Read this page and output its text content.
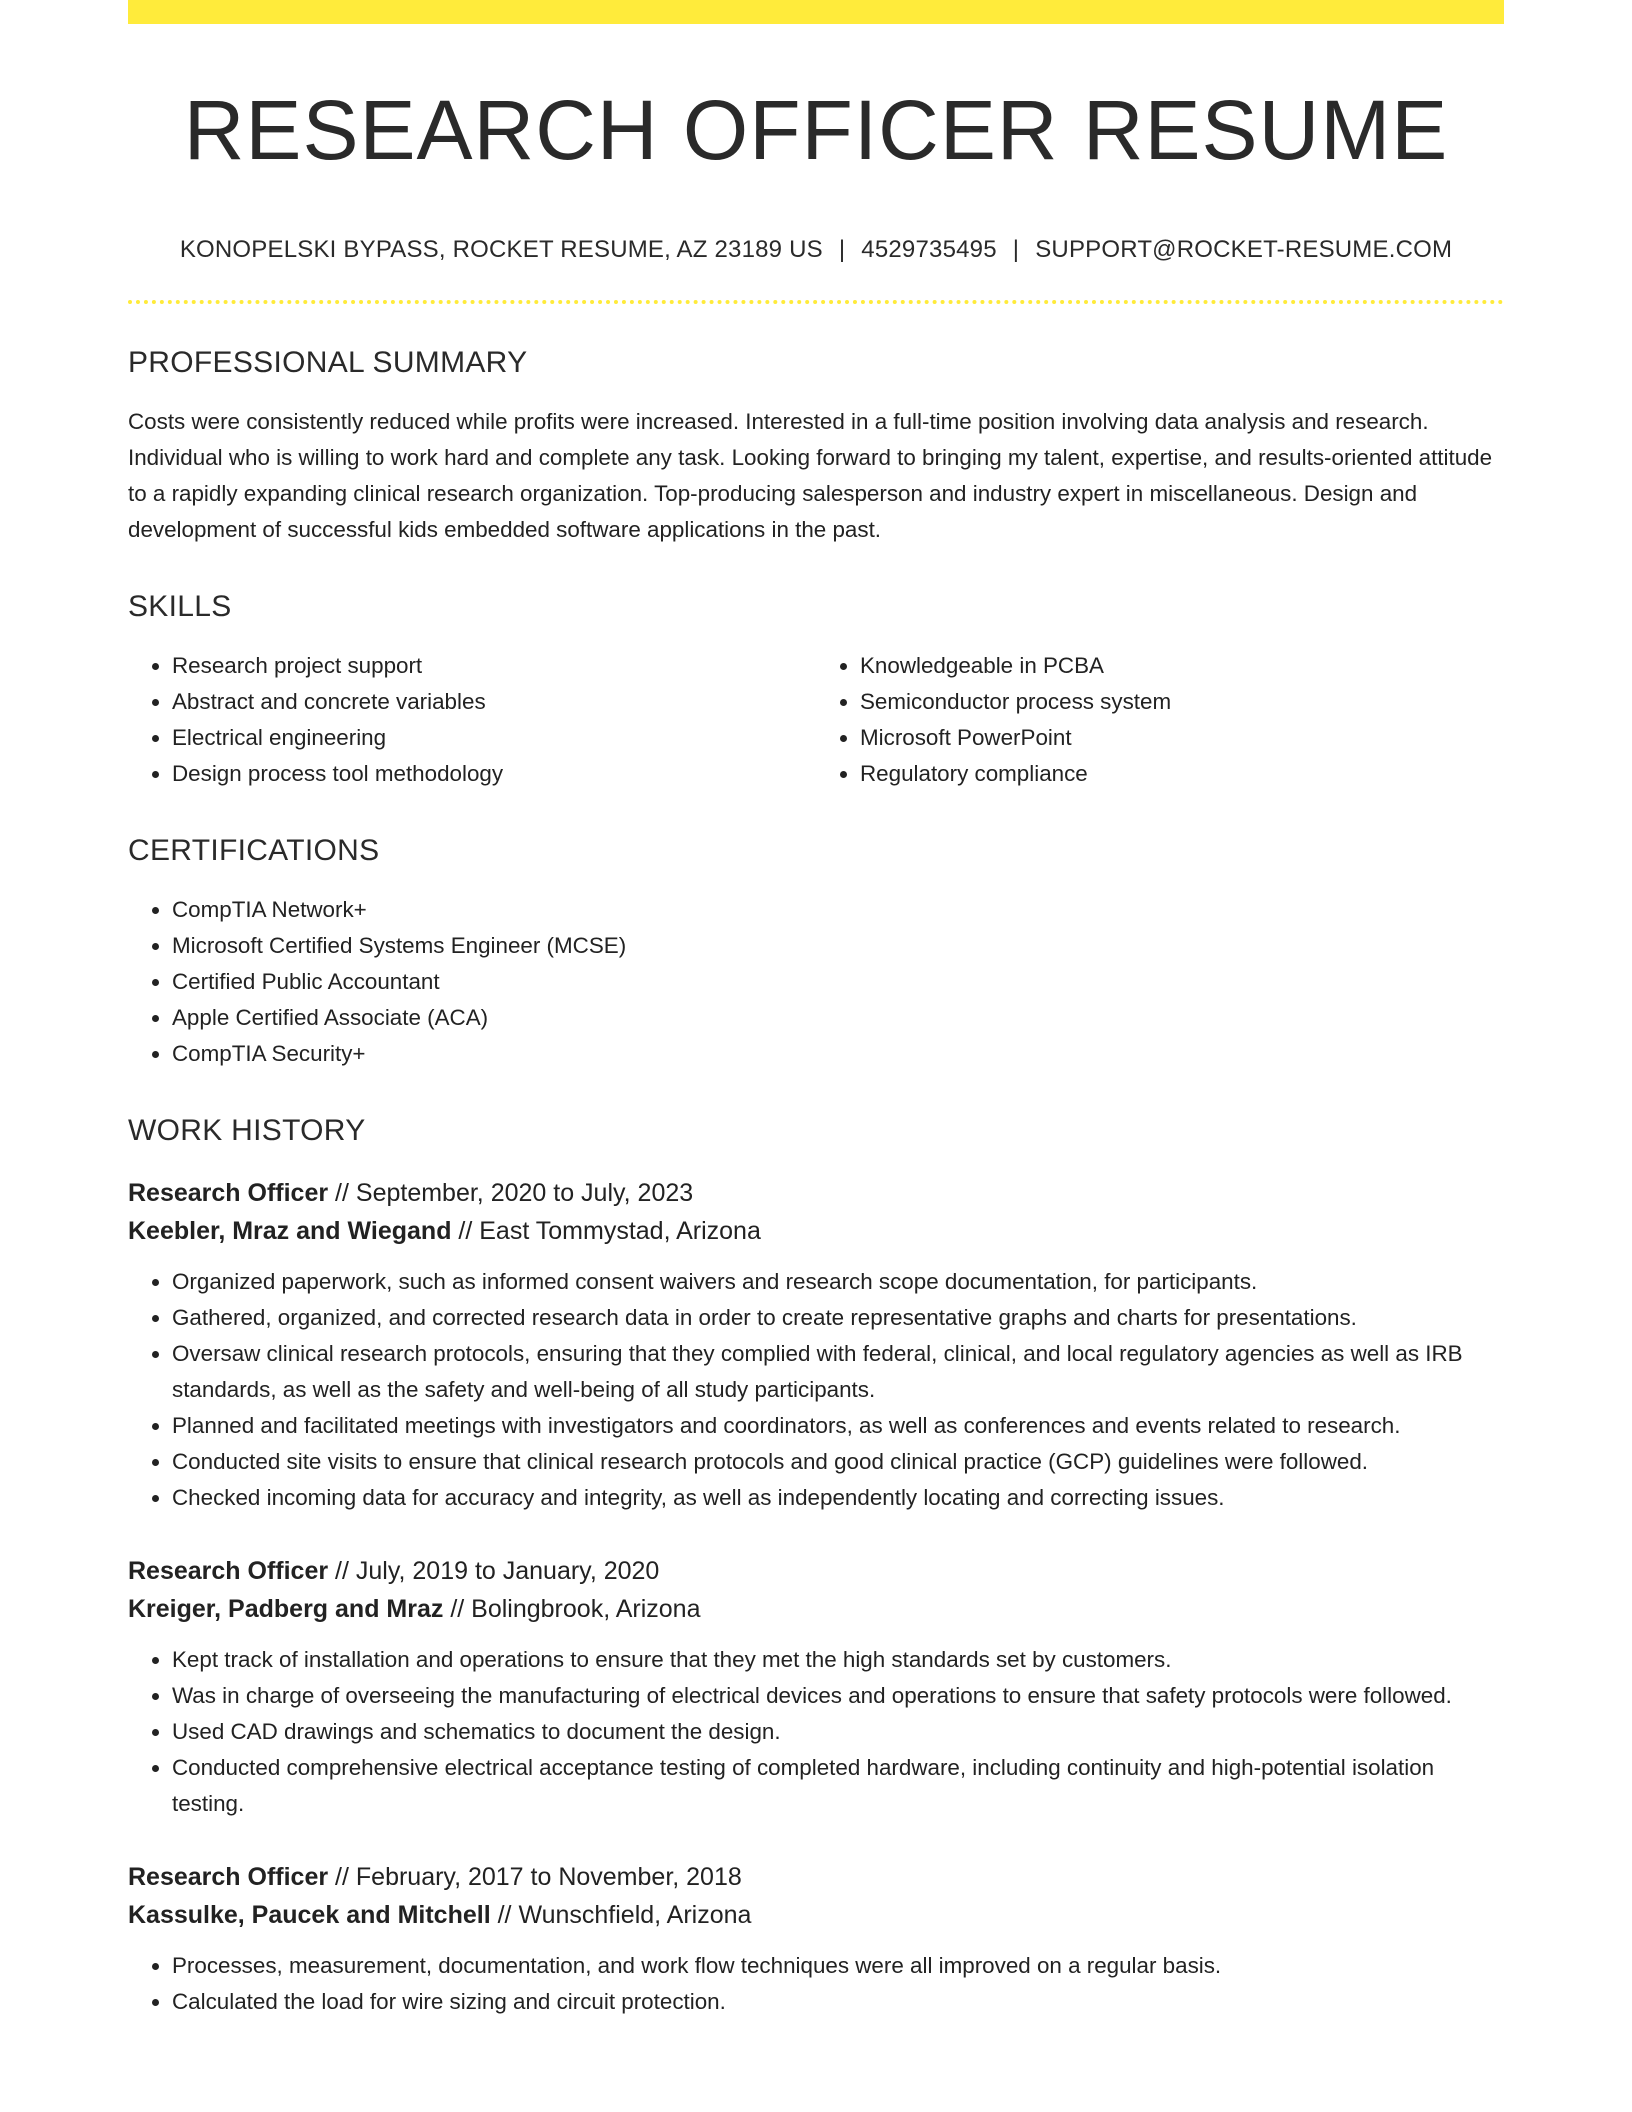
RESEARCH OFFICER RESUME
KONOPELSKI BYPASS, ROCKET RESUME, AZ 23189 US | 4529735495 | SUPPORT@ROCKET-RESUME.COM
PROFESSIONAL SUMMARY

Costs were consistently reduced while profits were increased. Interested in a full-time position involving data analysis and research. Individual who is willing to work hard and complete any task. Looking forward to bringing my talent, expertise, and results-oriented attitude to a rapidly expanding clinical research organization. Top-producing salesperson and industry expert in miscellaneous. Design and development of successful kids embedded software applications in the past.

SKILLS
• Research project support
• Abstract and concrete variables
• Electrical engineering
• Design process tool methodology
• Knowledgeable in PCBA
• Semiconductor process system
• Microsoft PowerPoint
• Regulatory compliance
CERTIFICATIONS
• CompTIA Network+
• Microsoft Certified Systems Engineer (MCSE)
• Certified Public Accountant
• Apple Certified Associate (ACA)
• CompTIA Security+
WORK HISTORY
Research Officer // September, 2020 to July, 2023
Keebler, Mraz and Wiegand // East Tommystad, Arizona
• Organized paperwork, such as informed consent waivers and research scope documentation, for participants.
• Gathered, organized, and corrected research data in order to create representative graphs and charts for presentations.
• Oversaw clinical research protocols, ensuring that they complied with federal, clinical, and local regulatory agencies as well as IRB standards, as well as the safety and well-being of all study participants.
• Planned and facilitated meetings with investigators and coordinators, as well as conferences and events related to research.
• Conducted site visits to ensure that clinical research protocols and good clinical practice (GCP) guidelines were followed.
• Checked incoming data for accuracy and integrity, as well as independently locating and correcting issues.
Research Officer // July, 2019 to January, 2020
Kreiger, Padberg and Mraz // Bolingbrook, Arizona
• Kept track of installation and operations to ensure that they met the high standards set by customers.
• Was in charge of overseeing the manufacturing of electrical devices and operations to ensure that safety protocols were followed.
• Used CAD drawings and schematics to document the design.
• Conducted comprehensive electrical acceptance testing of completed hardware, including continuity and high-potential isolation testing.
Research Officer // February, 2017 to November, 2018
Kassulke, Paucek and Mitchell // Wunschfield, Arizona
• Processes, measurement, documentation, and work flow techniques were all improved on a regular basis.
• Calculated the load for wire sizing and circuit protection.
